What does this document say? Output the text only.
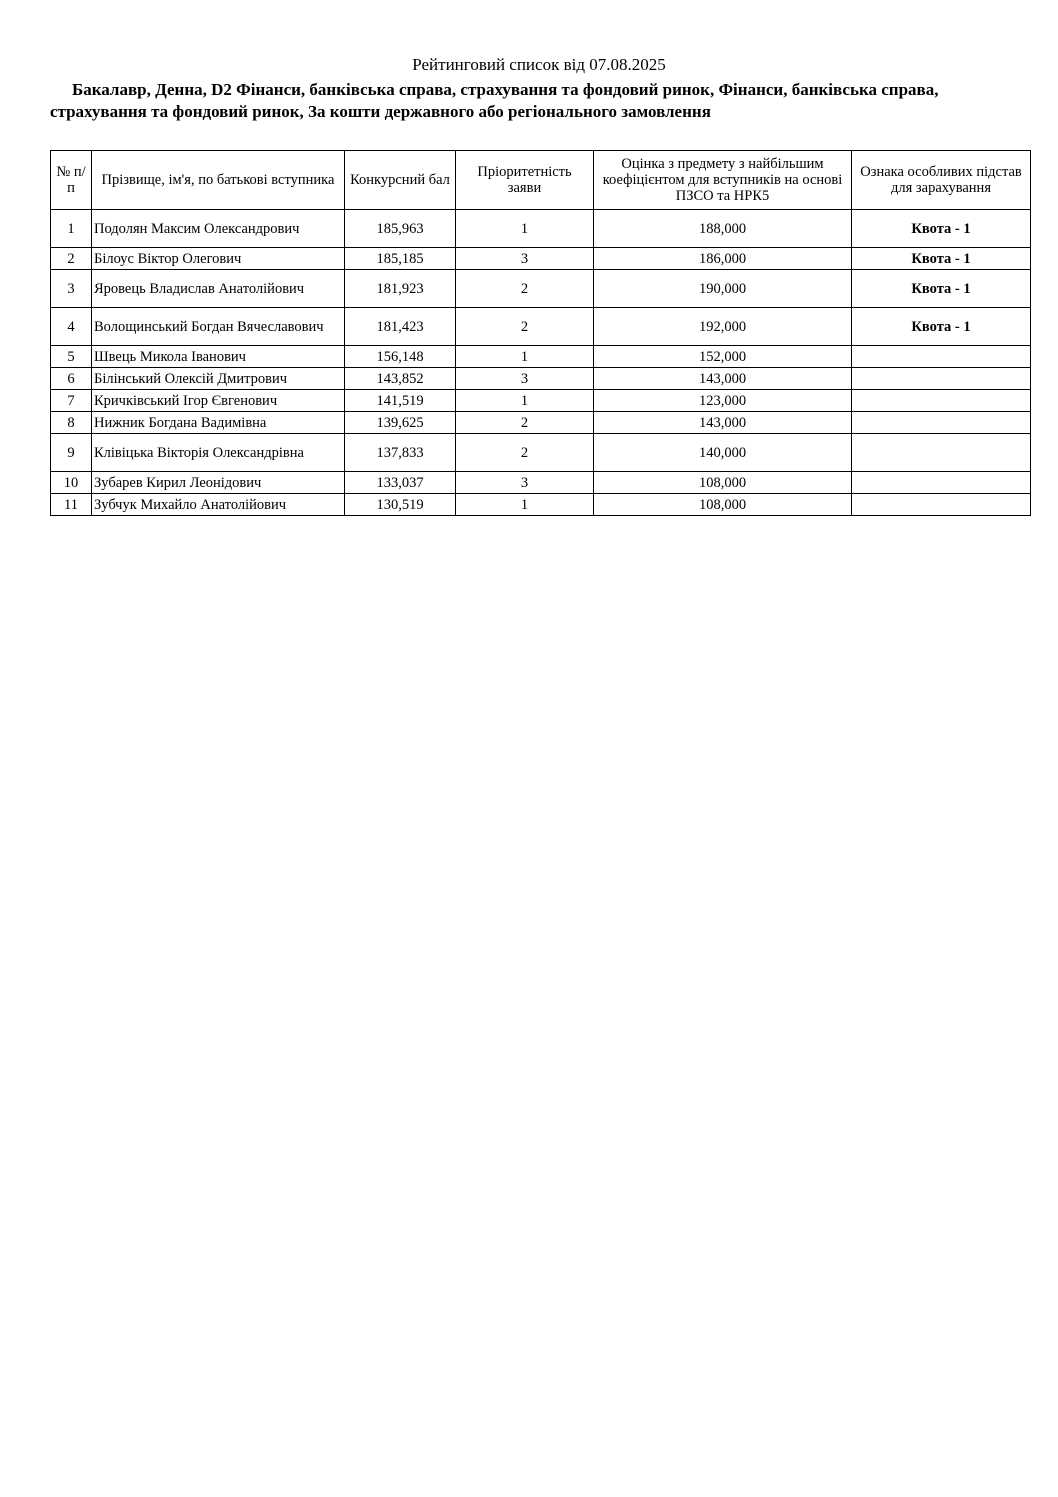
Рейтинговий список від 07.08.2025
Бакалавр, Денна, D2 Фінанси, банківська справа, страхування та фондовий ринок, Фінанси, банківська справа, страхування та фондовий ринок, За кошти державного або регіонального замовлення
№ п/п	Прізвище, ім'я, по батькові вступника	Конкурсний бал	Пріоритетність заяви	Оцінка з предмету з найбільшим коефіцієнтом для вступників на основі ПЗСО та НРК5	Ознака особливих підстав для зарахування
1	Подолян Максим Олександрович	185,963	1	188,000	Квота - 1
2	Білоус Віктор Олегович	185,185	3	186,000	Квота - 1
3	Яровець Владислав Анатолійович	181,923	2	190,000	Квота - 1
4	Волощинський Богдан Вячеславович	181,423	2	192,000	Квота - 1
5	Швець Микола Іванович	156,148	1	152,000	
6	Білінський Олексій Дмитрович	143,852	3	143,000	
7	Кричківський Ігор Євгенович	141,519	1	123,000	
8	Нижник Богдана Вадимівна	139,625	2	143,000	
9	Клівіцька Вікторія Олександрівна	137,833	2	140,000	
10	Зубарев Кирил Леонідович	133,037	3	108,000	
11	Зубчук Михайло Анатолійович	130,519	1	108,000	
